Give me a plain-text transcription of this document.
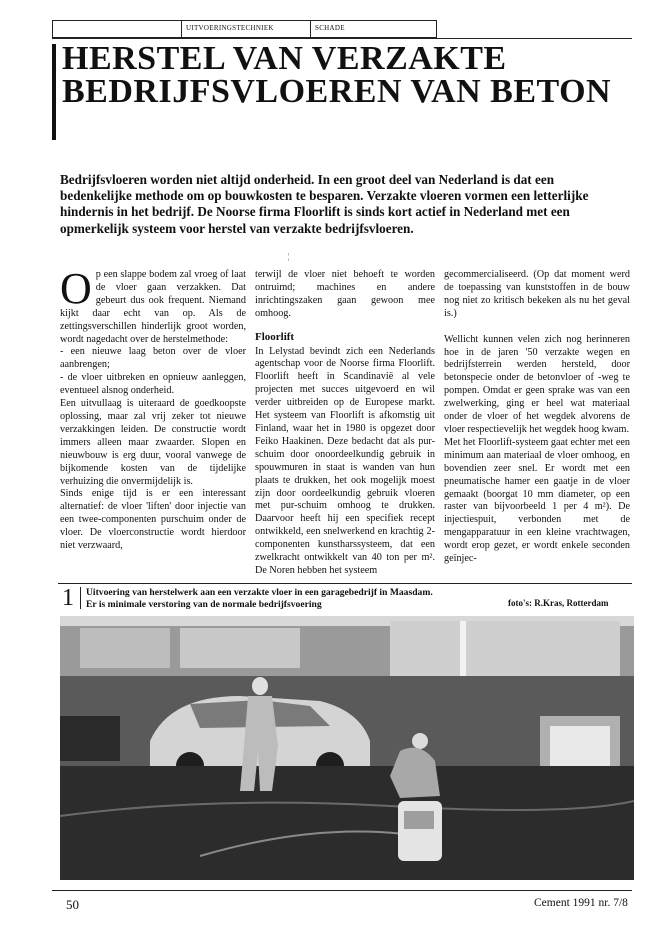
UITVOERINGSTECHNIEK	SCHADE
HERSTEL VAN VERZAKTE BEDRIJFSVLOEREN VAN BETON

Bedrijfsvloeren worden niet altijd onderheid. In een groot deel van Nederland is dat een bedenkelijke methode om op bouwkosten te besparen. Verzakte vloeren vormen een letterlijke hindernis in het bedrijf. De Noorse firma Floorlift is sinds kort actief in Nederland met een opmerkelijk systeem voor herstel van verzakte bedrijfsvloeren.

¦
O p een slappe bodem zal vroeg of laat de vloer gaan verzakken. Dat gebeurt dus ook frequent. Niemand kijkt daar echt van op. Als de zettingsverschillen hinderlijk groot worden, wordt nagedacht over de herstelmethode:

- een nieuwe laag beton over de vloer aanbrengen;

- de vloer uitbreken en opnieuw aanleggen, eventueel alsnog onderheid.

Een uitvullaag is uiteraard de goedkoopste oplossing, maar zal vrij zeker tot nieuwe verzakkingen leiden. De constructie wordt immers alleen maar zwaarder. Slopen en nieuwbouw is erg duur, vooral vanwege de bijkomende kosten van de tijdelijke verhuizing die onvermijdelijk is.

Sinds enige tijd is er een interessant alternatief: de vloer 'liften' door injectie van een twee-componenten purschuim onder de vloer. De vloerconstructie wordt hierdoor niet verzwaard,

terwijl de vloer niet behoeft te worden ontruimd; machines en andere inrichtingszaken gaan gewoon mee omhoog.

Floorlift

In Lelystad bevindt zich een Nederlands agentschap voor de Noorse firma Floorlift. Floorlift heeft in Scandinavië al vele projecten met succes uitgevoerd en wil verder uitbreiden op de Europese markt. Het systeem van Floorlift is afkomstig uit Finland, waar het in 1980 is opgezet door Feiko Haakinen. Deze bedacht dat als pur-schuim door onoordeelkundig gebruik in spouwmuren in staat is wanden van hun plaats te drukken, het ook mogelijk moest zijn door oordeelkundig gebruik vloeren met pur-schuim omhoog te drukken. Daarvoor heeft hij een specifiek recept ontwikkeld, een snelwerkend en krachtig 2-componenten kunstharssysteem, dat een zwelkracht ontwikkelt van 40 ton per m². De Noren hebben het systeem

gecommercialiseerd. (Op dat moment werd de toepassing van kunststoffen in de bouw nog niet zo kritisch bekeken als nu het geval is.)

Wellicht kunnen velen zich nog herinneren hoe in de jaren '50 verzakte wegen en bedrijfsterrein werden hersteld, door betonspecie onder de betonvloer of -weg te pompen. Omdat er geen sprake was van een zwelwerking, ging er heel wat materiaal onder de vloer of het wegdek alvorens de vloer respectievelijk het wegdek hoog kwam.

Met het Floorlift-systeem gaat echter met een minimum aan materiaal de vloer omhoog, en bovendien zeer snel. Er wordt met een pneumatische hamer een gaatje in de vloer gemaakt (boorgat 10 mm diameter, op een raster van bijvoorbeeld 1 per 4 m²). De injectiespuit, verbonden met de mengapparatuur in een kleine vrachtwagen, wordt erop gezet, er wordt enkele seconden geïnjec-

1 Uitvoering van herstelwerk aan een verzakte vloer in een garagebedrijf in Maasdam.
Er is minimale verstoring van de normale bedrijfsvoering	foto's: R.Kras, Rotterdam
50	Cement 1991 nr. 7/8
